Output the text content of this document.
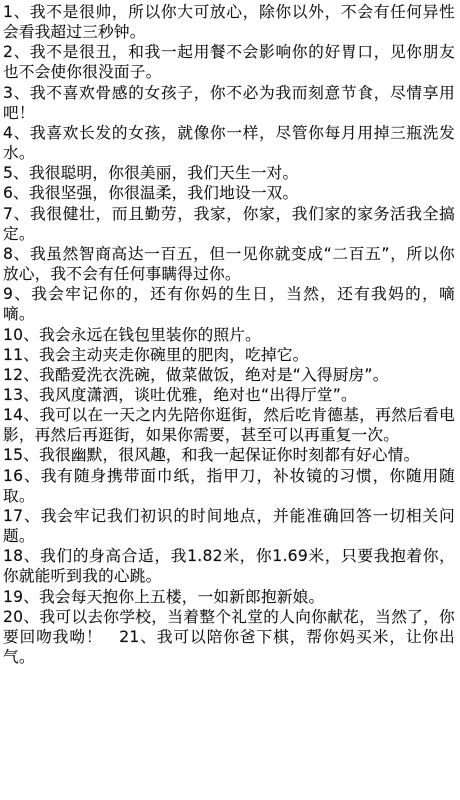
1、我不是很帅，所以你大可放心，除你以外，不会有任何异性会看我超过三秒钟。

2、我不是很丑，和我一起用餐不会影响你的好胃口，见你朋友也不会使你很没面子。

3、我不喜欢骨感的女孩子，你不必为我而刻意节食，尽情享用吧！

4、我喜欢长发的女孩，就像你一样，尽管你每月用掉三瓶洗发水。

5、我很聪明，你很美丽，我们天生一对。

6、我很坚强，你很温柔，我们地设一双。

7、我很健壮，而且勤劳，我家，你家，我们家的家务活我全搞定。

8、我虽然智商高达一百五，但一见你就变成“二百五”，所以你放心，我不会有任何事瞒得过你。

9、我会牢记你的，还有你妈的生日，当然，还有我妈的，嘀嘀。

10、我会永远在钱包里装你的照片。

11、我会主动夹走你碗里的肥肉，吃掉它。

12、我酷爱洗衣洗碗，做菜做饭，绝对是“入得厨房”。

13、我风度潇洒，谈吐优雅，绝对也“出得厅堂”。

14、我可以在一天之内先陪你逛街，然后吃肯德基，再然后看电影，再然后再逛街，如果你需要，甚至可以再重复一次。

15、我很幽默，很风趣，和我一起保证你时刻都有好心情。

16、我有随身携带面巾纸，指甲刀，补妆镜的习惯，你随用随取。

17、我会牢记我们初识的时间地点，并能准确回答一切相关问题。

18、我们的身高合适，我1.82米，你1.69米，只要我抱着你，你就能听到我的心跳。

19、我会每天抱你上五楼，一如新郎抱新娘。

20、我可以去你学校，当着整个礼堂的人向你献花，当然了，你要回吻我呦！　21、我可以陪你爸下棋，帮你妈买米，让你出气。
